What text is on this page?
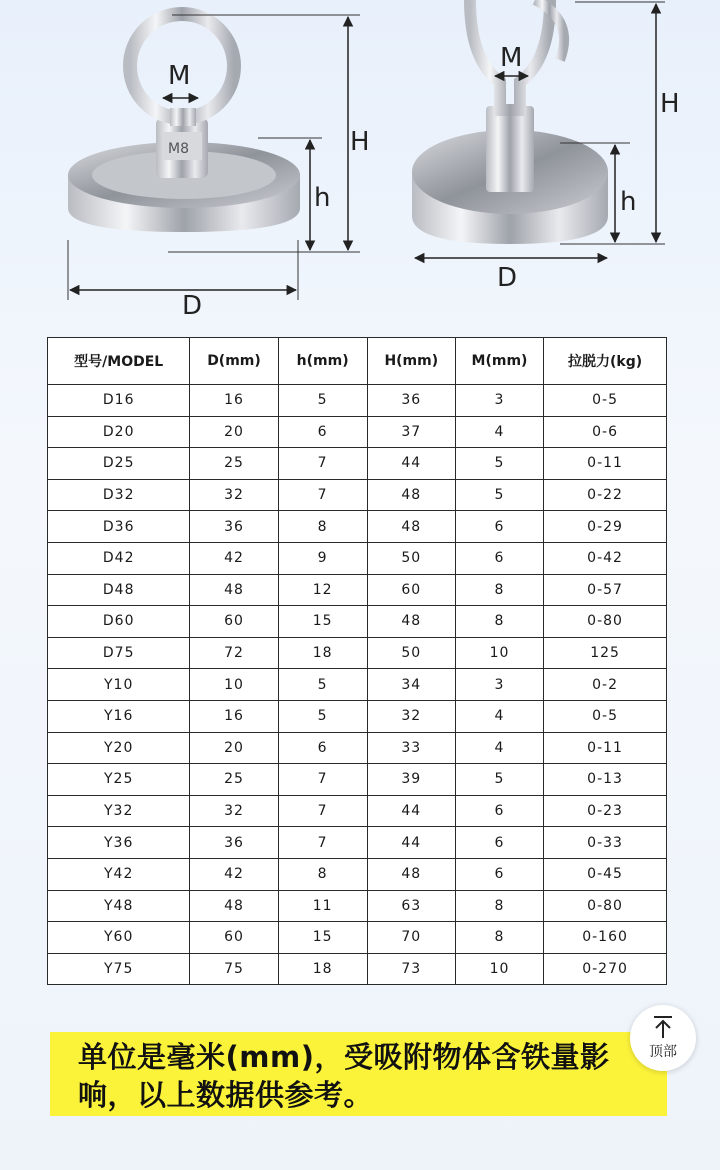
M8
M
H
h
D
M
H
h
D
型号/MODEL	D(mm)	h(mm)	H(mm)	M(mm)	拉脱力(kg)
D16	16	5	36	3	0-5
D20	20	6	37	4	0-6
D25	25	7	44	5	0-11
D32	32	7	48	5	0-22
D36	36	8	48	6	0-29
D42	42	9	50	6	0-42
D48	48	12	60	8	0-57
D60	60	15	48	8	0-80
D75	72	18	50	10	125
Y10	10	5	34	3	0-2
Y16	16	5	32	4	0-5
Y20	20	6	33	4	0-11
Y25	25	7	39	5	0-13
Y32	32	7	44	6	0-23
Y36	36	7	44	6	0-33
Y42	42	8	48	6	0-45
Y48	48	11	63	8	0-80
Y60	60	15	70	8	0-160
Y75	75	18	73	10	0-270
单位是毫米(mm)，受吸附物体含铁量影响，以上数据供参考。
顶部
